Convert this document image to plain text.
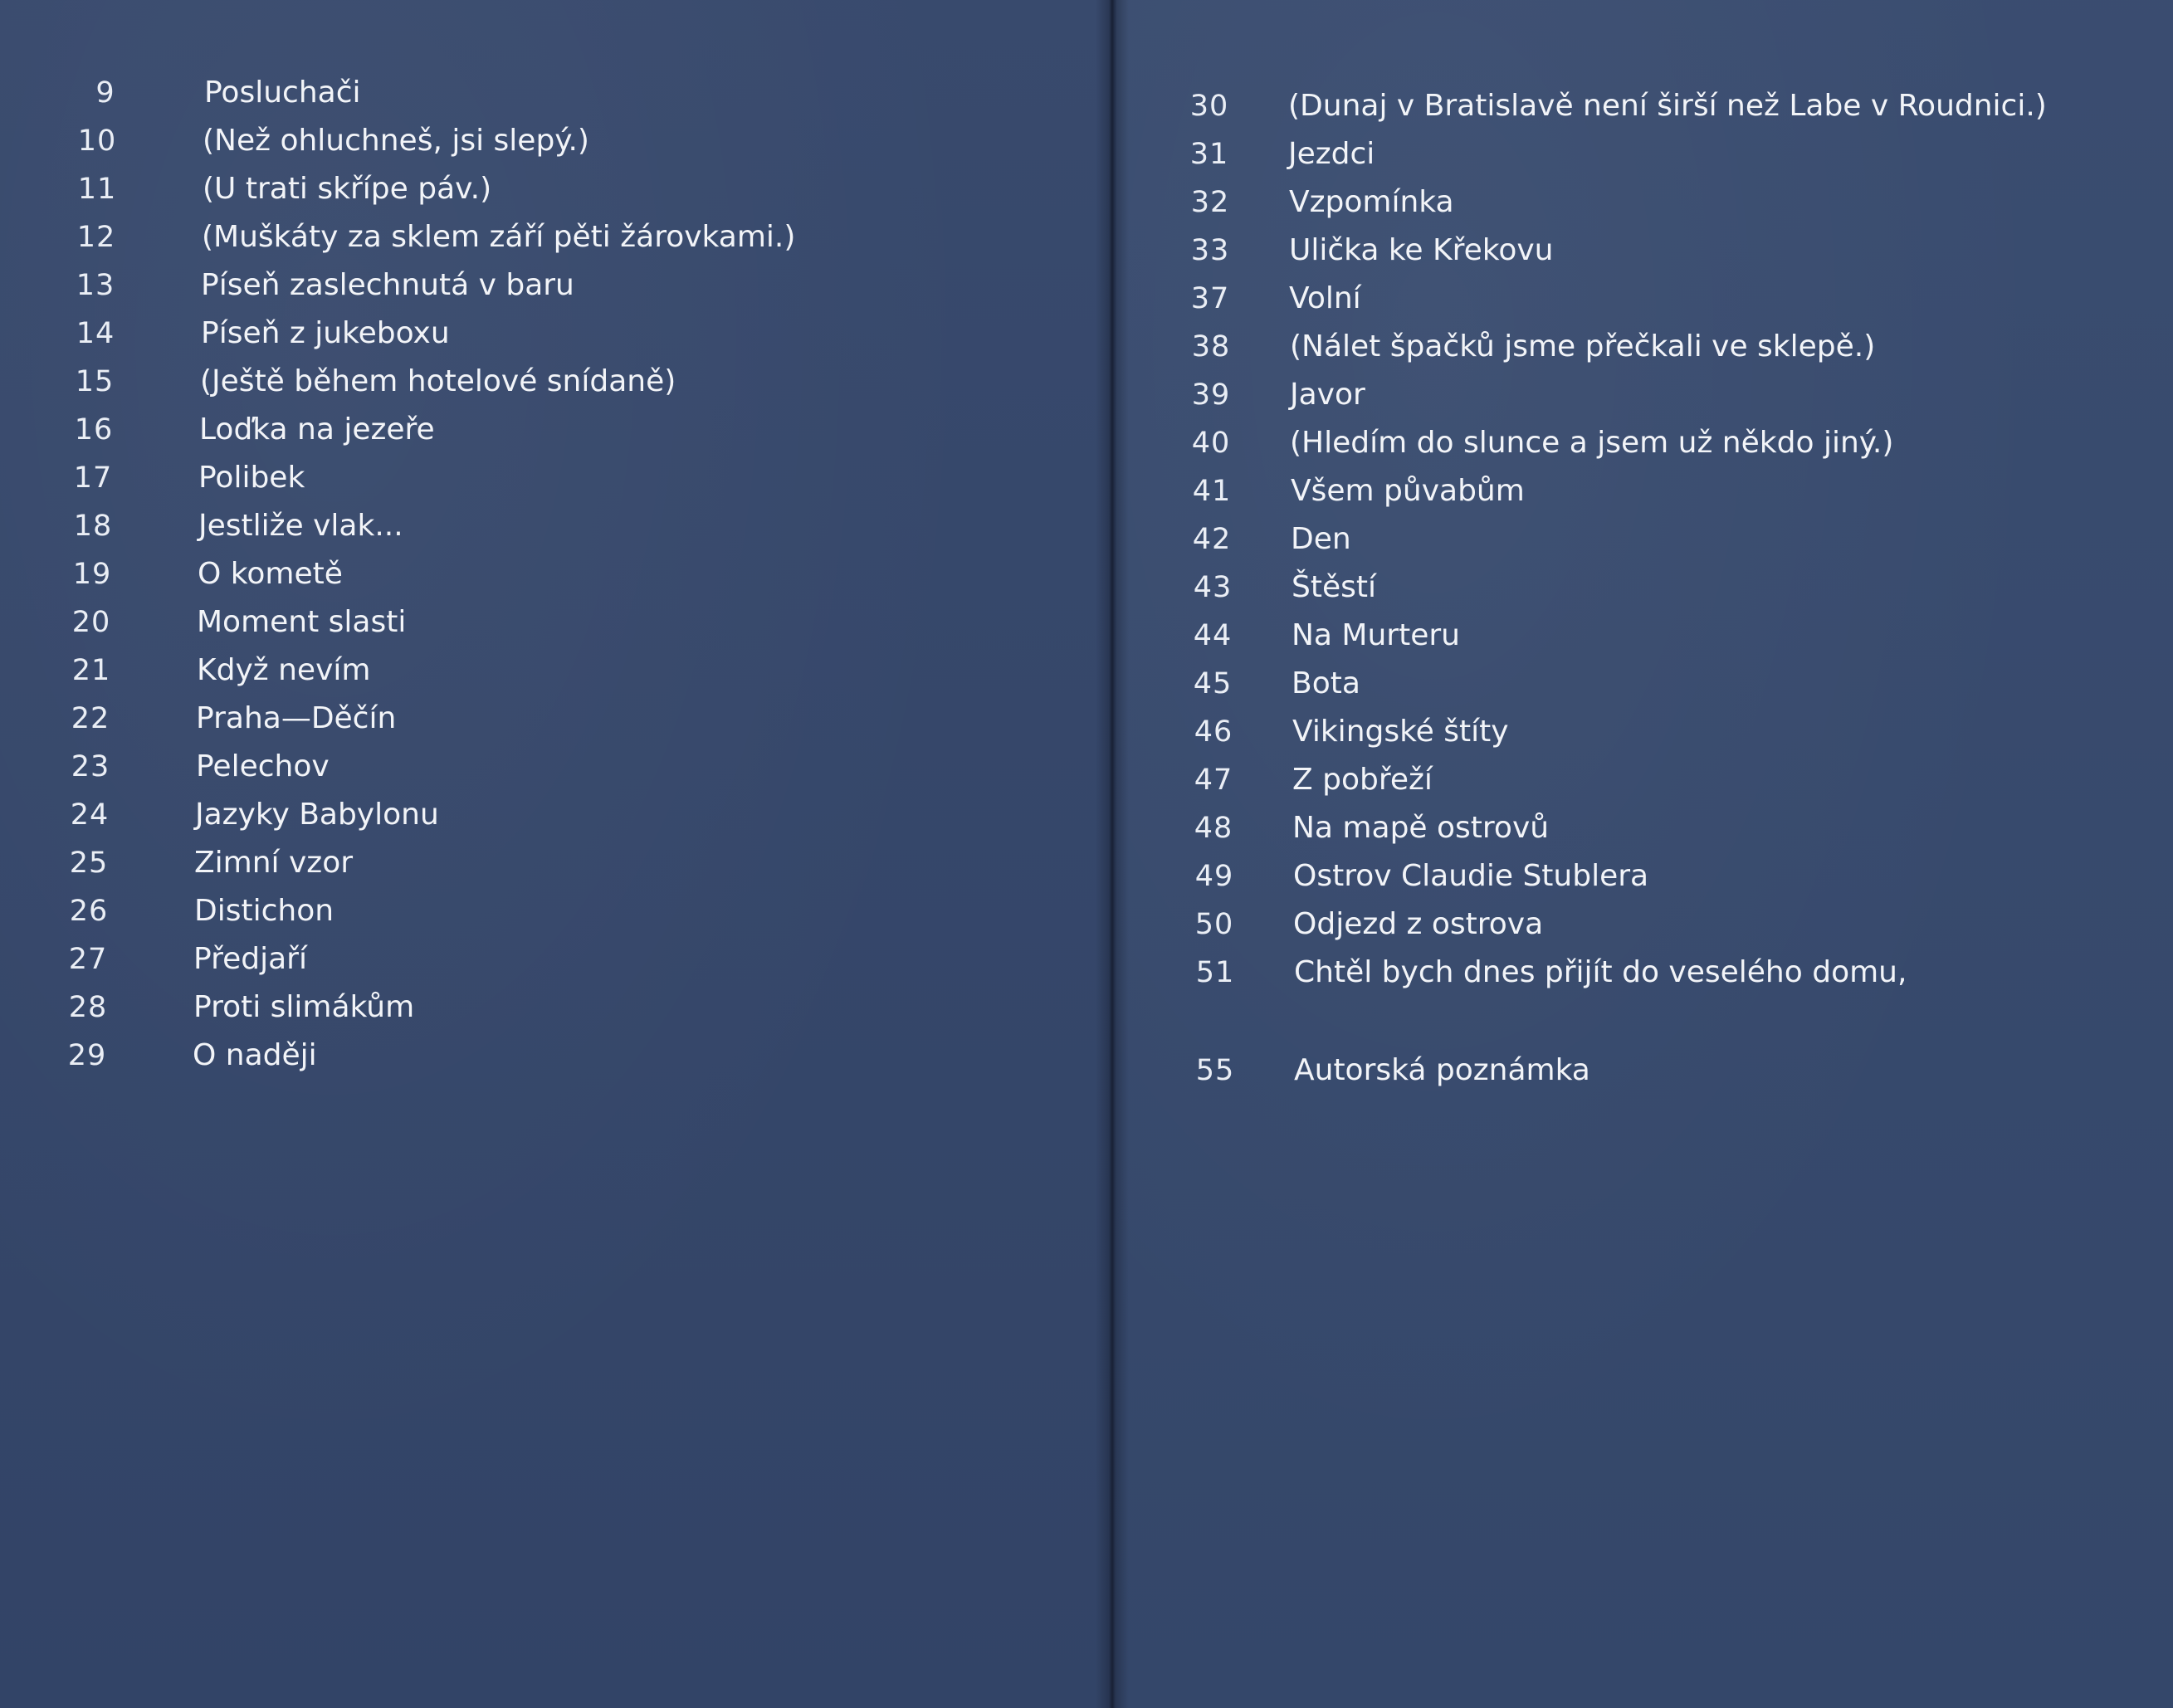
9	Posluchači
10	(Než ohluchneš, jsi slepý.)
11	(U trati skřípe páv.)
12	(Muškáty za sklem září pěti žárovkami.)
13	Píseň zaslechnutá v baru
14	Píseň z jukeboxu
15	(Ještě během hotelové snídaně)
16	Loďka na jezeře
17	Polibek
18	Jestliže vlak...
19	O kometě
20	Moment slasti
21	Když nevím
22	Praha—Děčín
23	Pelechov
24	Jazyky Babylonu
25	Zimní vzor
26	Distichon
27	Předjaří
28	Proti slimákům
29	O naději
30	(Dunaj v Bratislavě není širší než Labe v Roudnici.)
31	Jezdci
32	Vzpomínka
33	Ulička ke Křekovu
37	Volní
38	(Nálet špačků jsme přečkali ve sklepě.)
39	Javor
40	(Hledím do slunce a jsem už někdo jiný.)
41	Všem půvabům
42	Den
43	Štěstí
44	Na Murteru
45	Bota
46	Vikingské štíty
47	Z pobřeží
48	Na mapě ostrovů
49	Ostrov Claudie Stublera
50	Odjezd z ostrova
51	Chtěl bych dnes přijít do veselého domu,
55	Autorská poznámka
